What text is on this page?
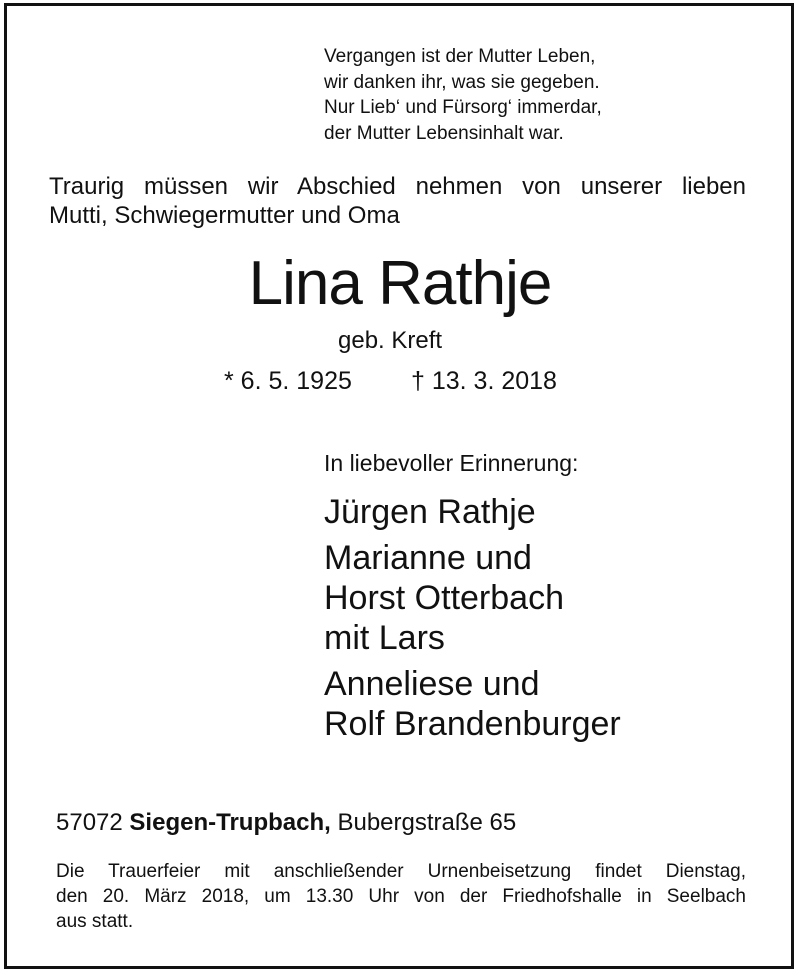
Vergangen ist der Mutter Leben,
wir danken ihr, was sie gegeben.
Nur Lieb‘ und Fürsorg‘ immerdar,
der Mutter Lebensinhalt war.
Traurig müssen wir Abschied nehmen von unserer lieben
Mutti, Schwiegermutter und Oma
Lina Rathje
geb. Kreft
* 6. 5. 1925 † 13. 3. 2018
In liebevoller Erinnerung:
Jürgen Rathje
Marianne und
Horst Otterbach
mit Lars
Anneliese und
Rolf Brandenburger
57072 Siegen-Trupbach, Bubergstraße 65
Die Trauerfeier mit anschließender Urnenbeisetzung findet Dienstag,
den 20. März 2018, um 13.30 Uhr von der Friedhofshalle in Seelbach
aus statt.
